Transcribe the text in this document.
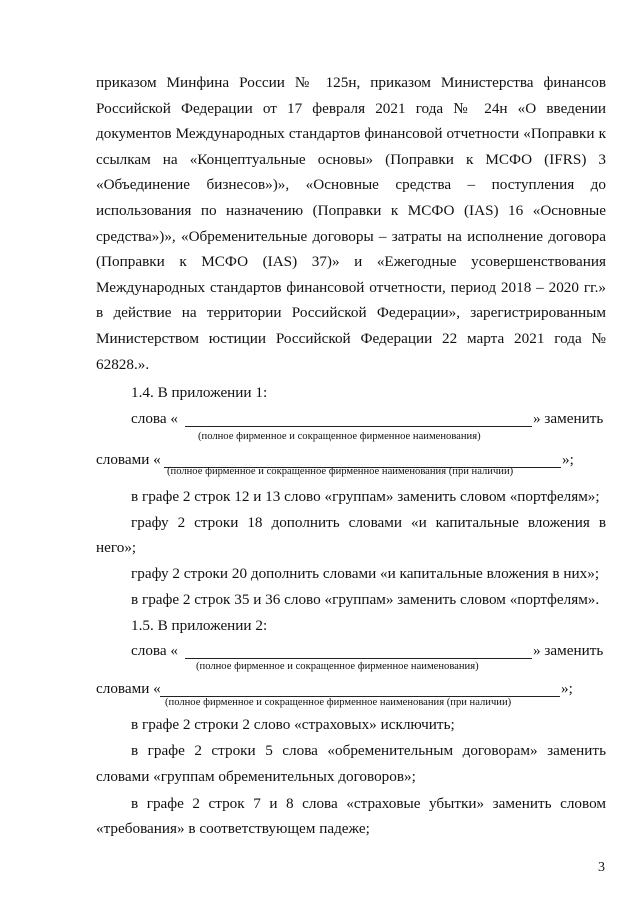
приказом Минфина России № 125н, приказом Министерства финансов Российской Федерации от 17 февраля 2021 года № 24н «О введении документов Международных стандартов финансовой отчетности «Поправки к ссылкам на «Концептуальные основы» (Поправки к МСФО (IFRS) 3 «Объединение бизнесов»)», «Основные средства – поступления до использования по назначению (Поправки к МСФО (IAS) 16 «Основные средства»)», «Обременительные договоры – затраты на исполнение договора (Поправки к МСФО (IAS) 37)» и «Ежегодные усовершенствования Международных стандартов финансовой отчетности, период 2018 – 2020 гг.» в действие на территории Российской Федерации», зарегистрированным Министерством юстиции Российской Федерации 22 марта 2021 года № 62828.».
1.4. В приложении 1:
слова «	» заменить
(полное фирменное и сокращенное фирменное наименования)
словами «	»;
(полное фирменное и сокращенное фирменное наименования (при наличии)
в графе 2 строк 12 и 13 слово «группам» заменить словом «портфелям»;
графу 2 строки 18 дополнить словами «и капитальные вложения в
него»;
графу 2 строки 20 дополнить словами «и капитальные вложения в них»;
в графе 2 строк 35 и 36 слово «группам» заменить словом «портфелям».
1.5. В приложении 2:
слова «	» заменить
(полное фирменное и сокращенное фирменное наименования)
словами «	»;
(полное фирменное и сокращенное фирменное наименования (при наличии)
в графе 2 строки 2 слово «страховых» исключить;
в графе 2 строки 5 слова «обременительным договорам» заменить
словами «группам обременительных договоров»;
в графе 2 строк 7 и 8 слова «страховые убытки» заменить словом
«требования» в соответствующем падеже;
3
